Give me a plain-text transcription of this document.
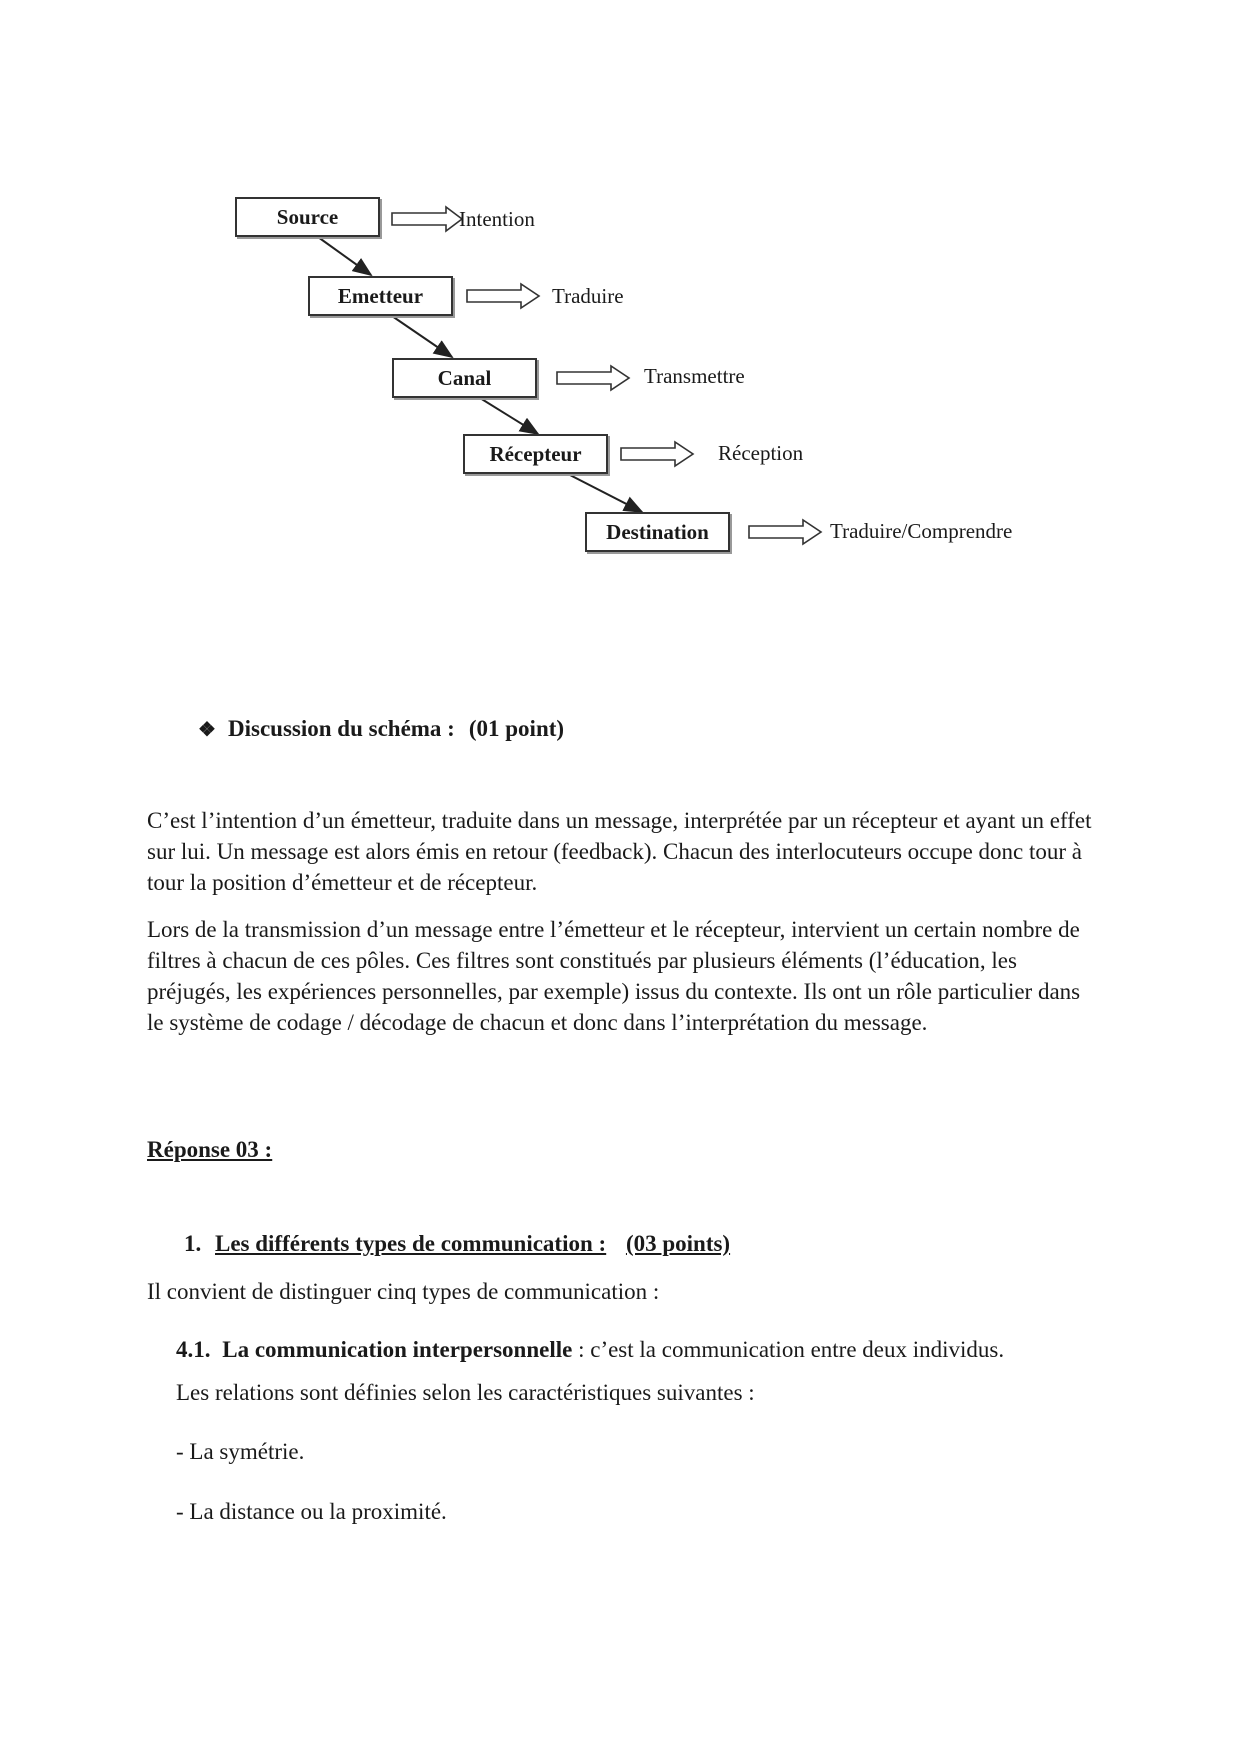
Source	Intention
Emetteur	Traduire
Canal	Transmettre
Récepteur	Réception
Destination	Traduire/Comprendre
❖ Discussion du schéma : (01 point)

C’est l’intention d’un émetteur, traduite dans un message, interprétée par un récepteur et ayant un effet sur lui. Un message est alors émis en retour (feedback). Chacun des interlocuteurs occupe donc tour à tour la position d’émetteur et de récepteur.

Lors de la transmission d’un message entre l’émetteur et le récepteur, intervient un certain nombre de filtres à chacun de ces pôles. Ces filtres sont constitués par plusieurs éléments (l’éducation, les préjugés, les expériences personnelles, par exemple) issus du contexte. Ils ont un rôle particulier dans le système de codage / décodage de chacun et donc dans l’interprétation du message.

Réponse 03 :
1. Les différents types de communication : (03 points)
Il convient de distinguer cinq types de communication :
4.1. La communication interpersonnelle : c’est la communication entre deux individus.
Les relations sont définies selon les caractéristiques suivantes :
- La symétrie.
- La distance ou la proximité.
